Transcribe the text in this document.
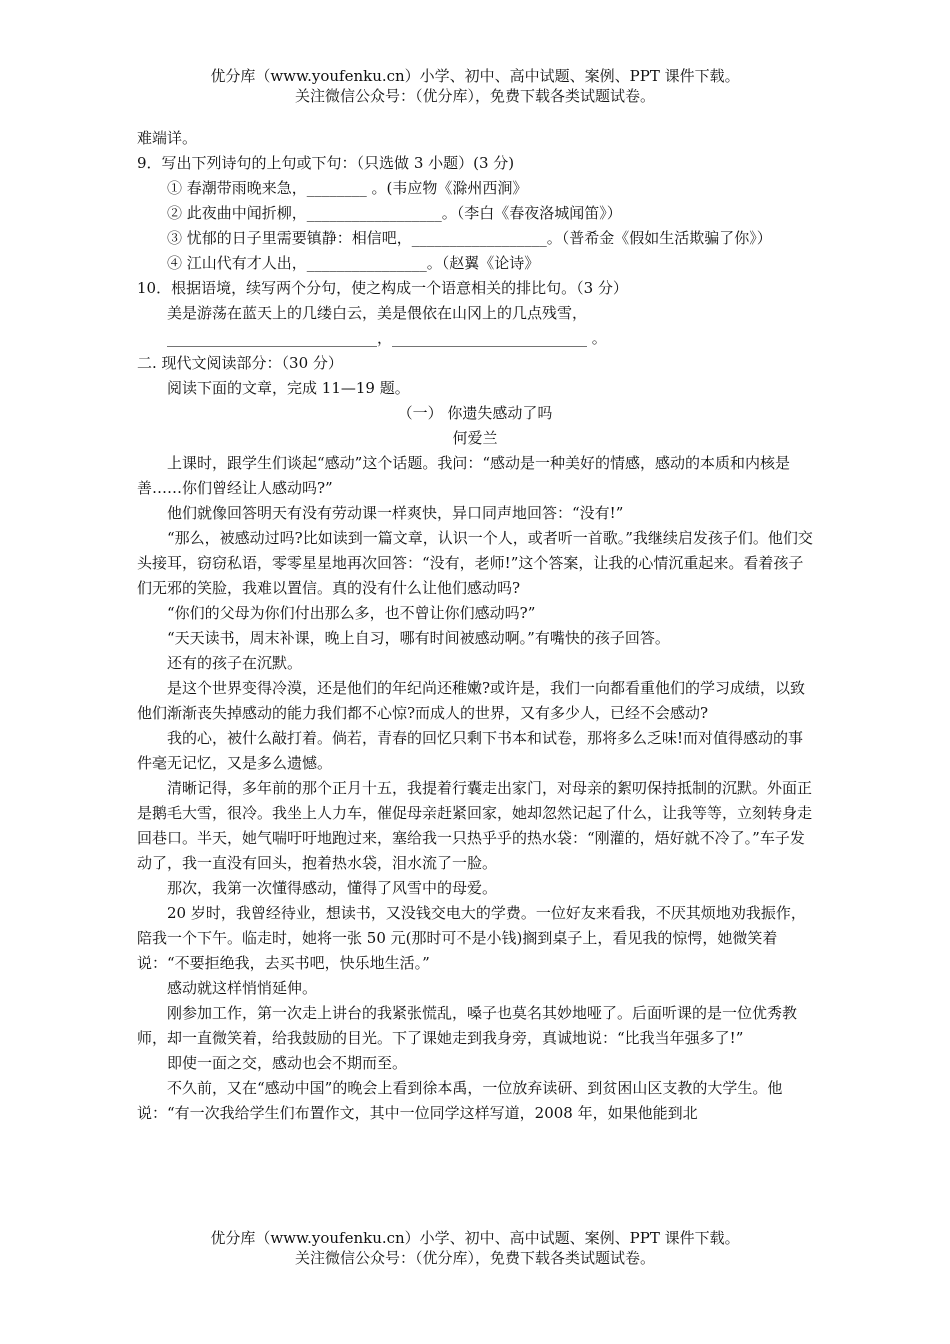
优分库（www.youfenku.cn）小学、初中、高中试题、案例、PPT 课件下载。
关注微信公众号：（优分库），免费下载各类试题试卷。

难端详。

9．写出下列诗句的上句或下句：（只选做 3 小题）(3 分)

① 春潮带雨晚来急，________ 。(韦应物《滁州西涧》

② 此夜曲中闻折柳，__________________。（李白《春夜洛城闻笛》）

③ 忧郁的日子里需要镇静：相信吧，__________________。（普希金《假如生活欺骗了你》）

④ 江山代有才人出，________________。（赵翼《论诗》

10．根据语境，续写两个分句，使之构成一个语意相关的排比句。（3 分）

美是游荡在蓝天上的几缕白云，美是偎依在山冈上的几点残雪，

____________________________，__________________________ 。

二. 现代文阅读部分：（30 分）

阅读下面的文章，完成 11—19 题。

（一） 你遗失感动了吗

何爱兰

上课时，跟学生们谈起“感动”这个话题。我问：“感动是一种美好的情感，感动的本质和内核是善……你们曾经让人感动吗?”

他们就像回答明天有没有劳动课一样爽快，异口同声地回答：“没有!”

“那么，被感动过吗?比如读到一篇文章，认识一个人，或者听一首歌。”我继续启发孩子们。他们交头接耳，窃窃私语，零零星星地再次回答：“没有，老师!”这个答案，让我的心情沉重起来。看着孩子们无邪的笑脸，我难以置信。真的没有什么让他们感动吗?

“你们的父母为你们付出那么多，也不曾让你们感动吗?”

“天天读书，周末补课，晚上自习，哪有时间被感动啊。”有嘴快的孩子回答。

还有的孩子在沉默。

是这个世界变得冷漠，还是他们的年纪尚还稚嫩?或许是，我们一向都看重他们的学习成绩，以致他们渐渐丧失掉感动的能力我们都不心惊?而成人的世界，又有多少人，已经不会感动?

我的心，被什么敲打着。倘若，青春的回忆只剩下书本和试卷，那将多么乏味!而对值得感动的事件毫无记忆，又是多么遗憾。

清晰记得，多年前的那个正月十五，我提着行囊走出家门，对母亲的絮叨保持抵制的沉默。外面正是鹅毛大雪，很冷。我坐上人力车，催促母亲赶紧回家，她却忽然记起了什么，让我等等，立刻转身走回巷口。半天，她气喘吁吁地跑过来，塞给我一只热乎乎的热水袋：“刚灌的，焐好就不冷了。”车子发动了，我一直没有回头，抱着热水袋，泪水流了一脸。

那次，我第一次懂得感动，懂得了风雪中的母爱。

20 岁时，我曾经待业，想读书，又没钱交电大的学费。一位好友来看我，不厌其烦地劝我振作，陪我一个下午。临走时，她将一张 50 元(那时可不是小钱)搁到桌子上，看见我的惊愕，她微笑着说：“不要拒绝我，去买书吧，快乐地生活。”

感动就这样悄悄延伸。

刚参加工作，第一次走上讲台的我紧张慌乱，嗓子也莫名其妙地哑了。后面听课的是一位优秀教师，却一直微笑着，给我鼓励的目光。下了课她走到我身旁，真诚地说：“比我当年强多了!”

即使一面之交，感动也会不期而至。

不久前，又在“感动中国”的晚会上看到徐本禹，一位放弃读研、到贫困山区支教的大学生。他说：“有一次我给学生们布置作文，其中一位同学这样写道，2008 年，如果他能到北

优分库（www.youfenku.cn）小学、初中、高中试题、案例、PPT 课件下载。
关注微信公众号：（优分库），免费下载各类试题试卷。
